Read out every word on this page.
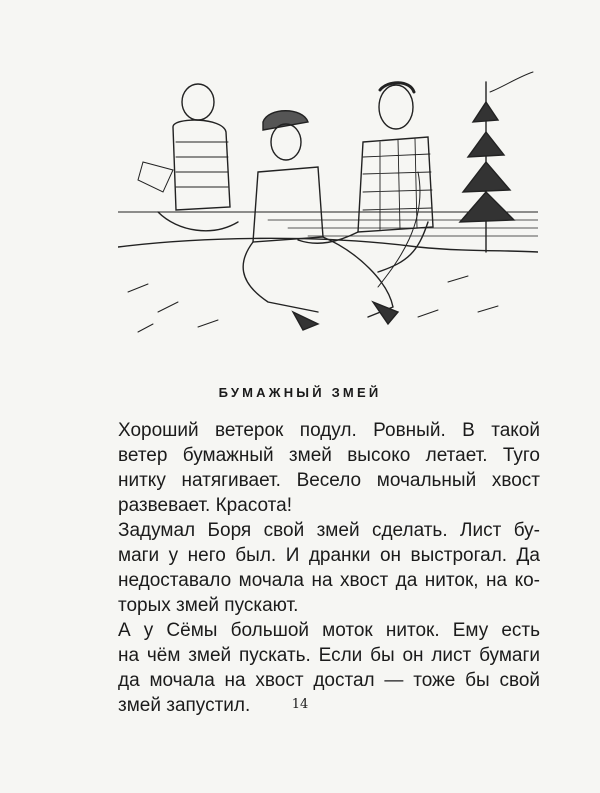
БУМАЖНЫЙ ЗМЕЙ
Хороший ветерок подул. Ровный. В такой
ветер бумажный змей высоко летает. Туго
нитку натягивает. Весело мочальный хвост
развевает. Красота!
Задумал Боря свой змей сделать. Лист бу-
маги у него был. И дранки он выстрогал. Да
недоставало мочала на хвост да ниток, на ко-
торых змей пускают.
А у Сёмы большой моток ниток. Ему есть
на чём змей пускать. Если бы он лист бумаги
да мочала на хвост достал — тоже бы свой
змей запустил.	14
